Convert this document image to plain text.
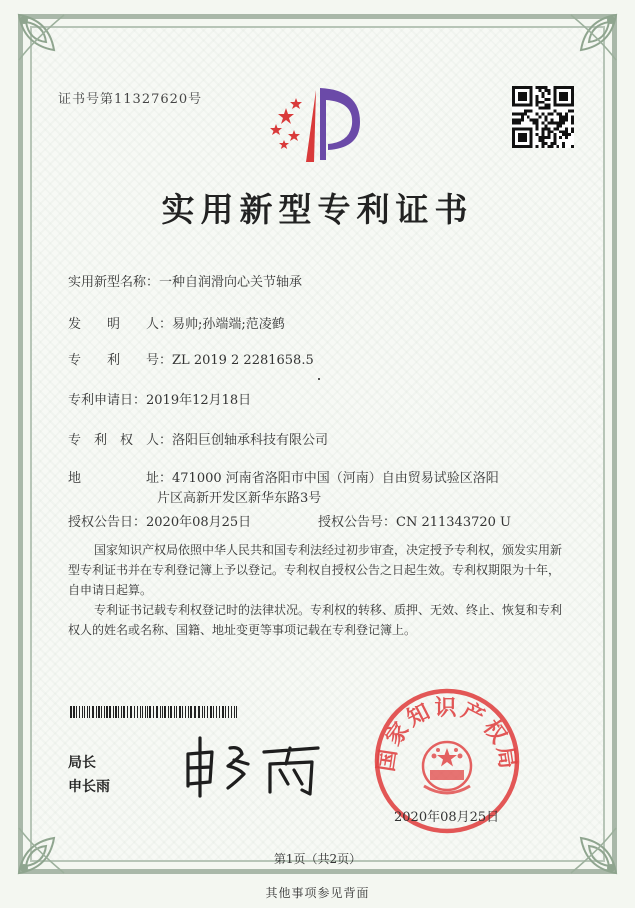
证书号第11327620号
实用新型专利证书
实用新型名称：一种自润滑向心关节轴承
发　　明　　人：易帅;孙端端;范凌鹤
专　　利　　号：ZL 2019 2 2281658.5
专利申请日：2019年12月18日
专　利　权　人：洛阳巨创轴承科技有限公司
地　　　　　址：471000 河南省洛阳市中国（河南）自由贸易试验区洛阳
片区高新开发区新华东路3号
授权公告日：2020年08月25日	授权公告号：CN 211343720 U

国家知识产权局依照中华人民共和国专利法经过初步审查，决定授予专利权，颁发实用新型专利证书并在专利登记簿上予以登记。专利权自授权公告之日起生效。专利权期限为十年，自申请日起算。

专利证书记载专利权登记时的法律状况。专利权的转移、质押、无效、终止、恢复和专利权人的姓名或名称、国籍、地址变更等事项记载在专利登记簿上。

局长
申长雨
国家知识产权局
2020年08月25日
第1页（共2页）
其他事项参见背面
